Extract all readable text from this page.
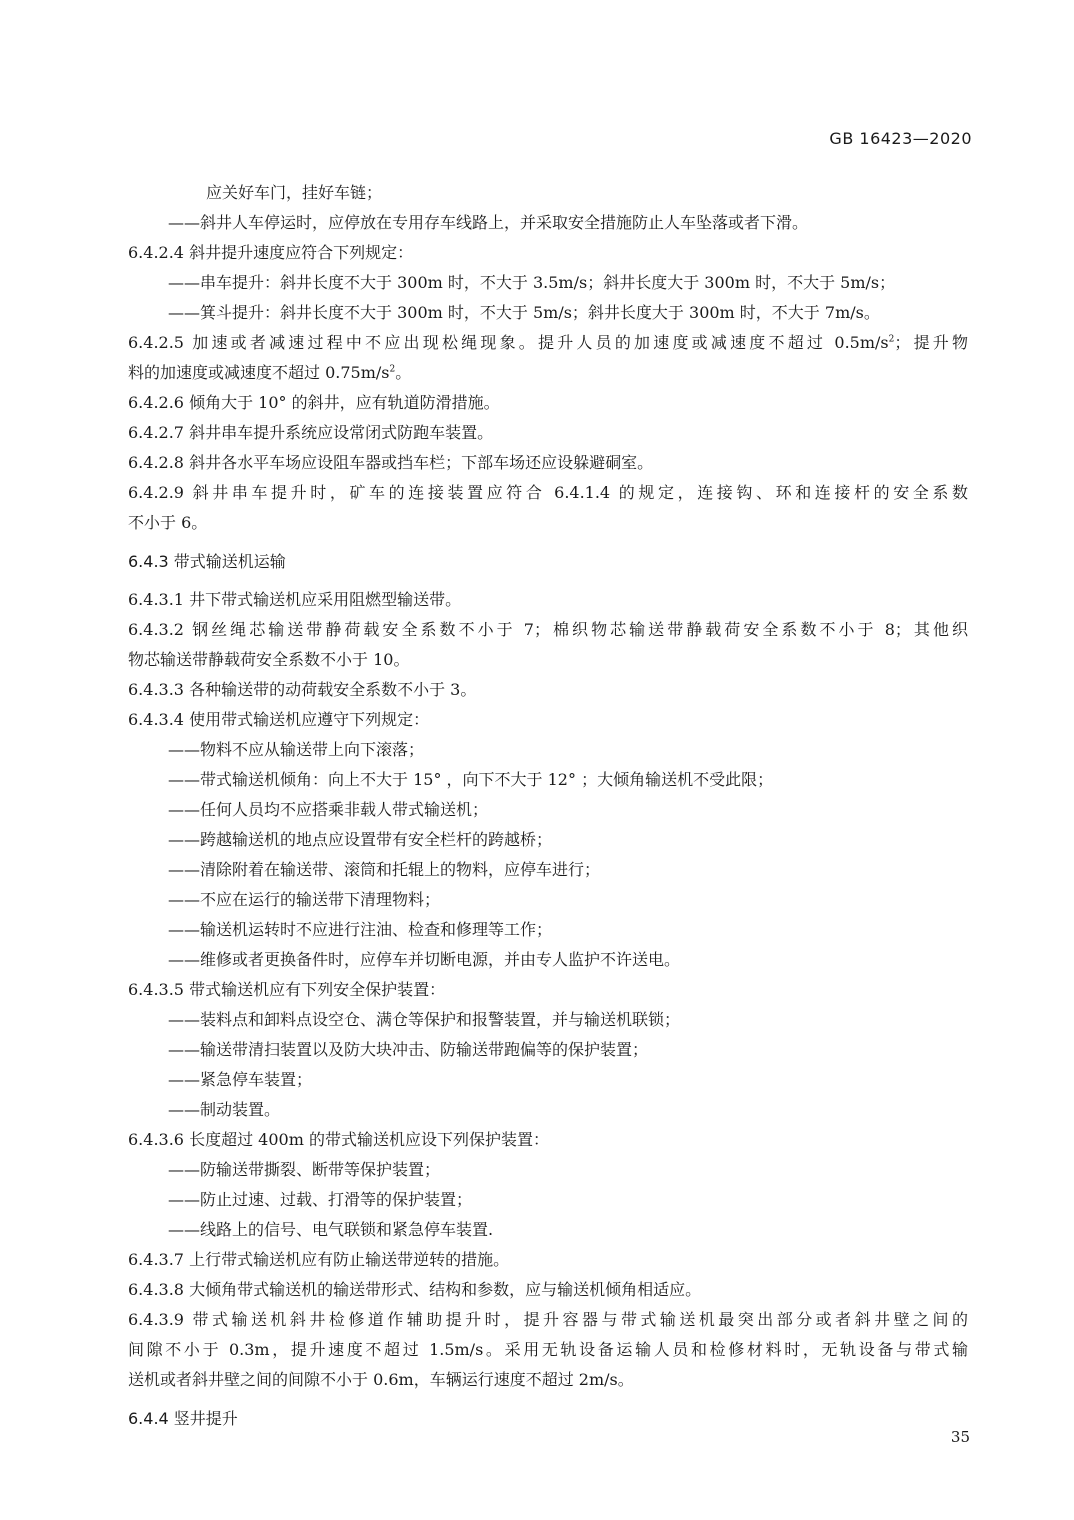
GB 16423—2020
应关好车门，挂好车链；
——斜井人车停运时，应停放在专用存车线路上，并采取安全措施防止人车坠落或者下滑。
6.4.2.4 斜井提升速度应符合下列规定：
——串车提升：斜井长度不大于 300m 时，不大于 3.5m/s；斜井长度大于 300m 时，不大于 5m/s；
——箕斗提升：斜井长度不大于 300m 时，不大于 5m/s；斜井长度大于 300m 时，不大于 7m/s。
6.4.2.5 加速或者减速过程中不应出现松绳现象。提升人员的加速度或减速度不超过 $0.5m/s^2$；提升物
料的加速度或减速度不超过 $0.75m/s^2$。
6.4.2.6 倾角大于 10° 的斜井，应有轨道防滑措施。
6.4.2.7 斜井串车提升系统应设常闭式防跑车装置。
6.4.2.8 斜井各水平车场应设阻车器或挡车栏；下部车场还应设躲避硐室。
6.4.2.9 斜井串车提升时，矿车的连接装置应符合 6.4.1.4 的规定，连接钩、环和连接杆的安全系数
不小于 6。
6.4.3 带式输送机运输
6.4.3.1 井下带式输送机应采用阻燃型输送带。
6.4.3.2 钢丝绳芯输送带静荷载安全系数不小于 7；棉织物芯输送带静载荷安全系数不小于 8；其他织
物芯输送带静载荷安全系数不小于 10。
6.4.3.3 各种输送带的动荷载安全系数不小于 3。
6.4.3.4 使用带式输送机应遵守下列规定：
——物料不应从输送带上向下滚落；
——带式输送机倾角：向上不大于 15° ，向下不大于 12° ；大倾角输送机不受此限；
——任何人员均不应搭乘非载人带式输送机；
——跨越输送机的地点应设置带有安全栏杆的跨越桥；
——清除附着在输送带、滚筒和托辊上的物料，应停车进行；
——不应在运行的输送带下清理物料；
——输送机运转时不应进行注油、检查和修理等工作；
——维修或者更换备件时，应停车并切断电源，并由专人监护不许送电。
6.4.3.5 带式输送机应有下列安全保护装置：
——装料点和卸料点设空仓、满仓等保护和报警装置，并与输送机联锁；
——输送带清扫装置以及防大块冲击、防输送带跑偏等的保护装置；
——紧急停车装置；
——制动装置。
6.4.3.6 长度超过 400m 的带式输送机应设下列保护装置：
——防输送带撕裂、断带等保护装置；
——防止过速、过载、打滑等的保护装置；
——线路上的信号、电气联锁和紧急停车装置.
6.4.3.7 上行带式输送机应有防止输送带逆转的措施。
6.4.3.8 大倾角带式输送机的输送带形式、结构和参数，应与输送机倾角相适应。
6.4.3.9 带式输送机斜井检修道作辅助提升时，提升容器与带式输送机最突出部分或者斜井壁之间的
间隙不小于 0.3m，提升速度不超过 1.5m/s。采用无轨设备运输人员和检修材料时，无轨设备与带式输
送机或者斜井壁之间的间隙不小于 0.6m，车辆运行速度不超过 2m/s。
6.4.4 竖井提升
35
